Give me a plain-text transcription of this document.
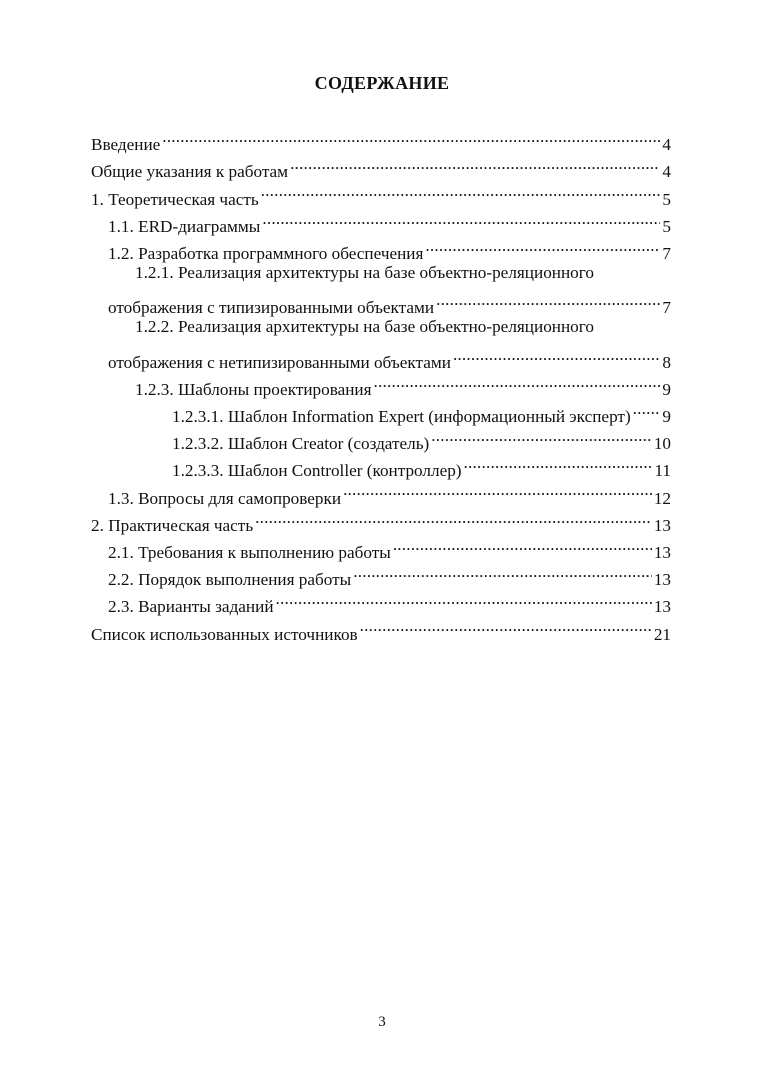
СОДЕРЖАНИЕ
Введение .....	4
Общие указания к работам .....	4
1. Теоретическая часть .....	5
1.1. ERD-диаграммы .....	5
1.2. Разработка программного обеспечения .....	7
1.2.1. Реализация архитектуры на базе объектно-реляционного
отображения с типизированными объектами .....	7
1.2.2. Реализация архитектуры на базе объектно-реляционного
отображения с нетипизированными объектами .....	8
1.2.3. Шаблоны проектирования .....	9
1.2.3.1. Шаблон Information Expert (информационный эксперт) ..... 9
1.2.3.2. Шаблон Creator (создатель) .....	10
1.2.3.3. Шаблон Controller (контроллер) .....	11
1.3. Вопросы для самопроверки .....	12
2. Практическая часть .....	13
2.1. Требования к выполнению работы .....	13
2.2. Порядок выполнения работы .....	13
2.3. Варианты заданий .....	13
Список использованных источников .....	21
3
